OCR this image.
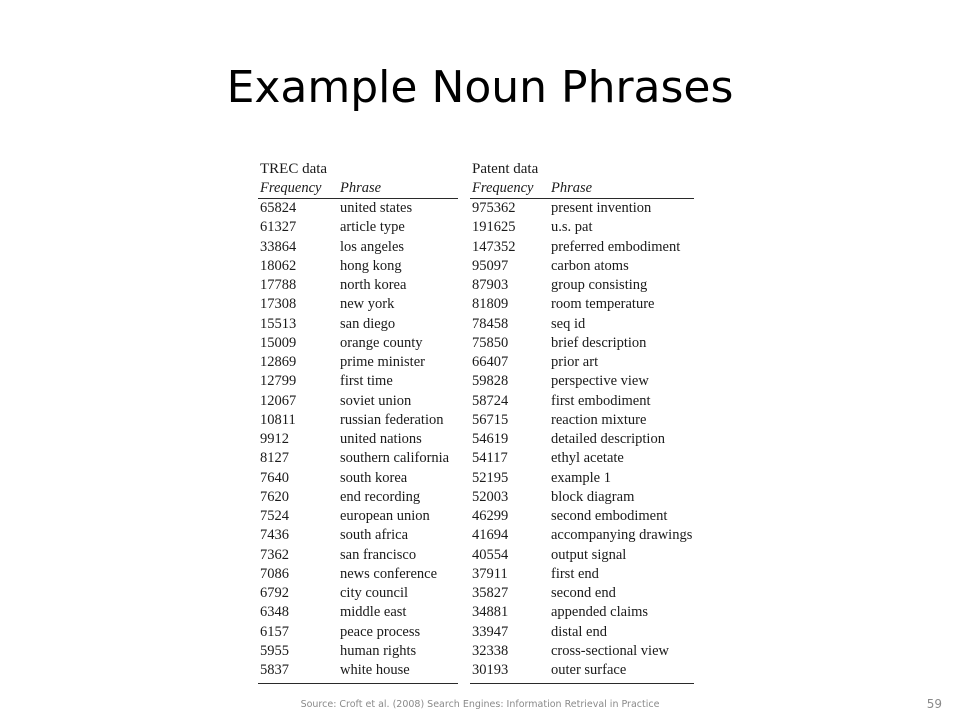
Example Noun Phrases
TREC data	Patent data
Frequency Phrase	Frequency Phrase
65824	united states	975362 present invention
61327	article type	191625 u.s. pat
33864	los angeles	147352 preferred embodiment
18062	hong kong	95097	carbon atoms
17788	north korea	87903	group consisting
17308	new york	81809	room temperature
15513	san diego	78458	seq id
15009	orange county	75850	brief description
12869	prime minister	66407	prior art
12799	first time	59828	perspective view
12067	soviet union	58724	first embodiment
10811	russian federation 56715	reaction mixture
9912	united nations	54619	detailed description
8127	southern california 54117	ethyl acetate
7640	south korea	52195	example 1
7620	end recording	52003	block diagram
7524	european union	46299	second embodiment
7436	south africa	41694	accompanying drawings
7362	san francisco	40554	output signal
7086	news conference 37911	first end
6792	city council	35827	second end
6348	middle east	34881	appended claims
6157	peace process	33947	distal end
5955	human rights	32338	cross-sectional view
5837	white house	30193	outer surface
Source: Croft et al. (2008) Search Engines: Information Retrieval in Practice	59
